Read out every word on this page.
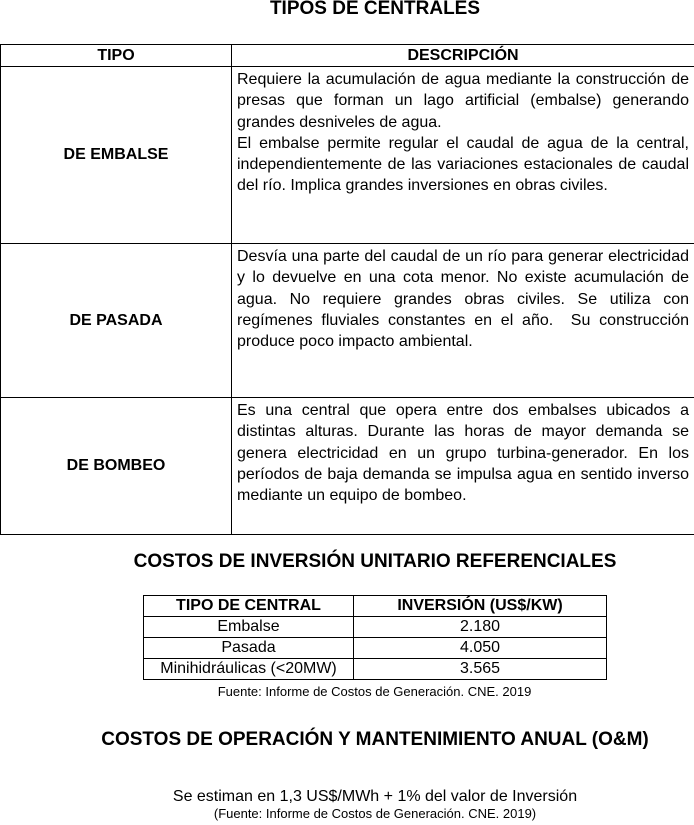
TIPOS DE CENTRALES
TIPO	DESCRIPCIÓN
DE EMBALSE	Requiere la acumulación de agua mediante la construcción de presas que forman un lago artificial (embalse) generando grandes desniveles de agua.

El embalse permite regular el caudal de agua de la central, independientemente de las variaciones estacionales de caudal del río. Implica grandes inversiones en obras civiles.

DE PASADA	Desvía una parte del caudal de un río para generar electricidad y lo devuelve en una cota menor. No existe acumulación de agua. No requiere grandes obras civiles. Se utiliza con regímenes fluviales constantes en el año.  Su construcción produce poco impacto ambiental.

DE BOMBEO	Es una central que opera entre dos embalses ubicados a distintas alturas. Durante las horas de mayor demanda se genera electricidad en un grupo turbina-generador. En los períodos de baja demanda se impulsa agua en sentido inverso mediante un equipo de bombeo.

COSTOS DE INVERSIÓN UNITARIO REFERENCIALES
TIPO DE CENTRAL	INVERSIÓN (US$/KW)
Embalse	2.180
Pasada	4.050
Minihidráulicas (<20MW)	3.565
Fuente: Informe de Costos de Generación. CNE. 2019
COSTOS DE OPERACIÓN Y MANTENIMIENTO ANUAL (O&M)
Se estiman en 1,3 US$/MWh + 1% del valor de Inversión
(Fuente: Informe de Costos de Generación. CNE. 2019)
